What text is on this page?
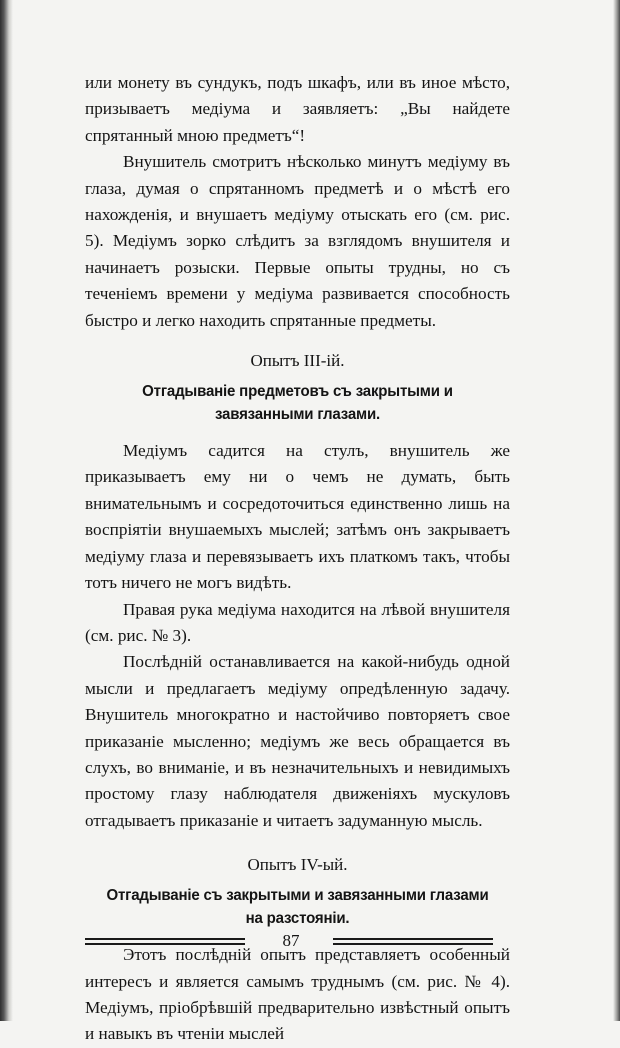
или монету въ сундукъ, подъ шкафъ, или въ иное мѣсто, призываетъ медіума и заявляетъ: „Вы найдете спрятанный мною предметъ“!

Внушитель смотритъ нѣсколько минутъ медіуму въ глаза, думая о спрятанномъ предметѣ и о мѣстѣ его нахожденія, и внушаетъ медіуму отыскать его (см. рис. 5). Медіумъ зорко слѣдитъ за взглядомъ внушителя и начинаетъ розыски. Первые опыты трудны, но съ теченіемъ времени у медіума развивается способность быстро и легко находить спрятанные предметы.

Опытъ III-ій.
Отгадываніе предметовъ съ закрытыми и завязанными глазами.

Медіумъ садится на стулъ, внушитель же приказываетъ ему ни о чемъ не думать, быть внимательнымъ и сосредоточиться единственно лишь на воспріятіи внушаемыхъ мыслей; затѣмъ онъ закрываетъ медіуму глаза и перевязываетъ ихъ платкомъ такъ, чтобы тотъ ничего не могъ видѣть.

Правая рука медіума находится на лѣвой внушителя (см. рис. № 3).

Послѣдній останавливается на какой-нибудь одной мысли и предлагаетъ медіуму опредѣленную задачу. Внушитель многократно и настойчиво повторяетъ свое приказаніе мысленно; медіумъ же весь обращается въ слухъ, во вниманіе, и въ незначительныхъ и невидимыхъ простому глазу наблюдателя движеніяхъ мускуловъ отгадываетъ приказаніе и читаетъ задуманную мысль.

Опытъ IV-ый.
Отгадываніе съ закрытыми и завязанными глазами на разстояніи.

Этотъ послѣдній опытъ представляетъ особенный интересъ и является самымъ труднымъ (см. рис. № 4). Медіумъ, пріобрѣвшій предварительно извѣстный опытъ и навыкъ въ чтеніи мыслей

87
